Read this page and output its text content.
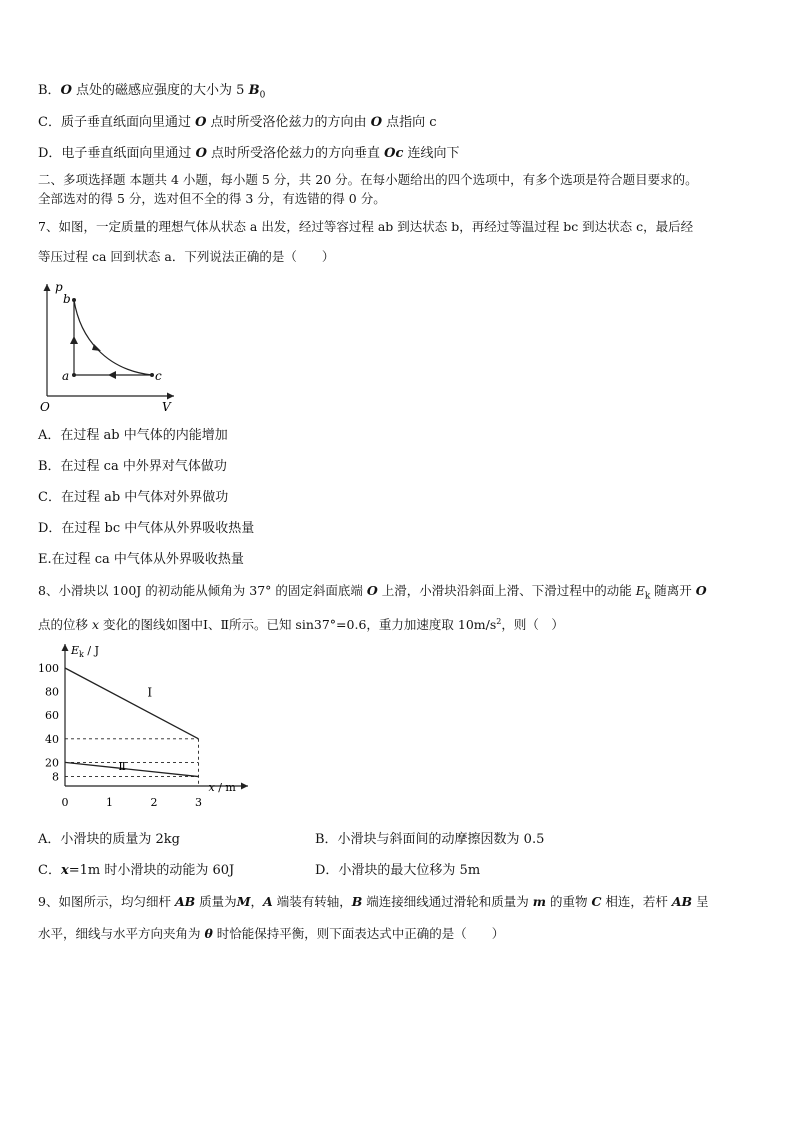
B．O 点处的磁感应强度的大小为 5 $B_0$
C．质子垂直纸面向里通过 O 点时所受洛伦兹力的方向由 O 点指向 c
D．电子垂直纸面向里通过 O 点时所受洛伦兹力的方向垂直 Oc 连线向下
二、多项选择题 本题共 4 小题，每小题 5 分，共 20 分。在每小题给出的四个选项中，有多个选项是符合题目要求的。
全部选对的得 5 分，选对但不全的得 3 分，有选错的得 0 分。
7、如图，一定质量的理想气体从状态 a 出发，经过等容过程 ab 到达状态 b，再经过等温过程 bc 到达状态 c，最后经
等压过程 ca 回到状态 a．下列说法正确的是（　　）
p
V
O
a
b
c
A．在过程 ab 中气体的内能增加
B．在过程 ca 中外界对气体做功
C．在过程 ab 中气体对外界做功
D．在过程 bc 中气体从外界吸收热量
E.在过程 ca 中气体从外界吸收热量
8、小滑块以 100J 的初动能从倾角为 37° 的固定斜面底端 O 上滑，小滑块沿斜面上滑、下滑过程中的动能 $E_k$ 随离开 O
点的位移 x 变化的图线如图中Ⅰ、Ⅱ所示。已知 sin37°=0.6，重力加速度取 $10m/s^2$，则（　）
$E_k$ / J
x / m
8
20
40
60
80
100
0	1	2	3
Ⅰ
Ⅱ
A．小滑块的质量为 2kg	B．小滑块与斜面间的动摩擦因数为 0.5
C．x=1m 时小滑块的动能为 60J	D．小滑块的最大位移为 5m
9、如图所示，均匀细杆 AB 质量为M，A 端装有转轴，B 端连接细线通过滑轮和质量为 m 的重物 C 相连，若杆 AB 呈
水平，细线与水平方向夹角为 θ 时恰能保持平衡，则下面表达式中正确的是（　　）
